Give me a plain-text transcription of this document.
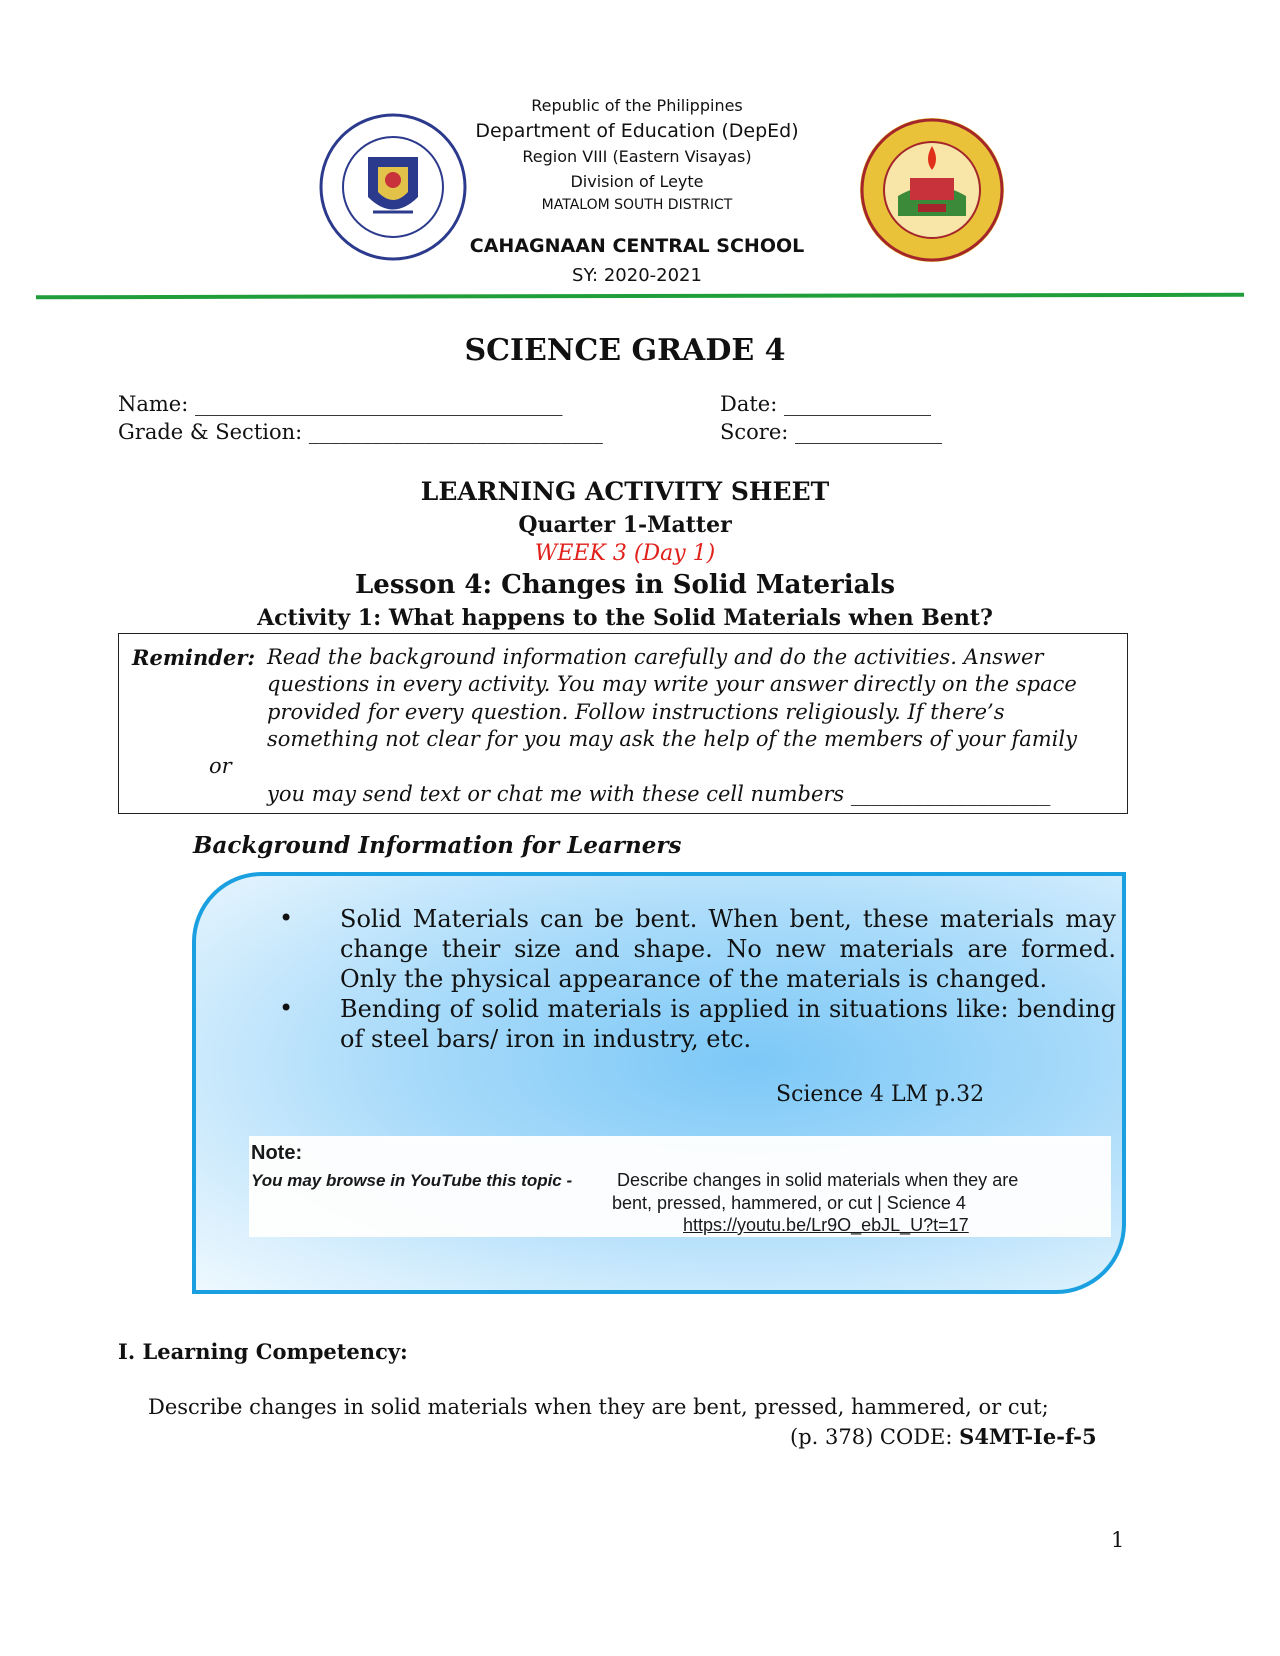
Republic of the Philippines
Department of Education (DepEd)
Region VIII (Eastern Visayas)
Division of Leyte
MATALOM SOUTH DISTRICT
CAHAGNAAN CENTRAL SCHOOL
SY: 2020-2021
SCIENCE GRADE 4
Name: ___________________________________	Date: ______________
Grade & Section: ____________________________	Score: ______________
LEARNING ACTIVITY SHEET
Quarter 1-Matter
WEEK 3 (Day 1)
Lesson 4: Changes in Solid Materials
Activity 1: What happens to the Solid Materials when Bent?
Reminder: Read the background information carefully and do the activities. Answer
questions in every activity. You may write your answer directly on the space
provided for every question. Follow instructions religiously. If there’s
something not clear for you may ask the help of the members of your family
or
you may send text or chat me with these cell numbers ___________________
Background Information for Learners
• Solid Materials can be bent. When bent, these materials may change their size and shape. No new materials are formed. Only the physical appearance of the materials is changed.
• Bending of solid materials is applied in situations like: bending of steel bars/ iron in industry, etc.
Science 4 LM p.32
Note:
You may browse in YouTube this topic - Describe changes in solid materials when they are
bent, pressed, hammered, or cut | Science 4
https://youtu.be/Lr9O_ebJL_U?t=17
I. Learning Competency:
Describe changes in solid materials when they are bent, pressed, hammered, or cut;
(p. 378) CODE: S4MT-Ie-f-5
1
